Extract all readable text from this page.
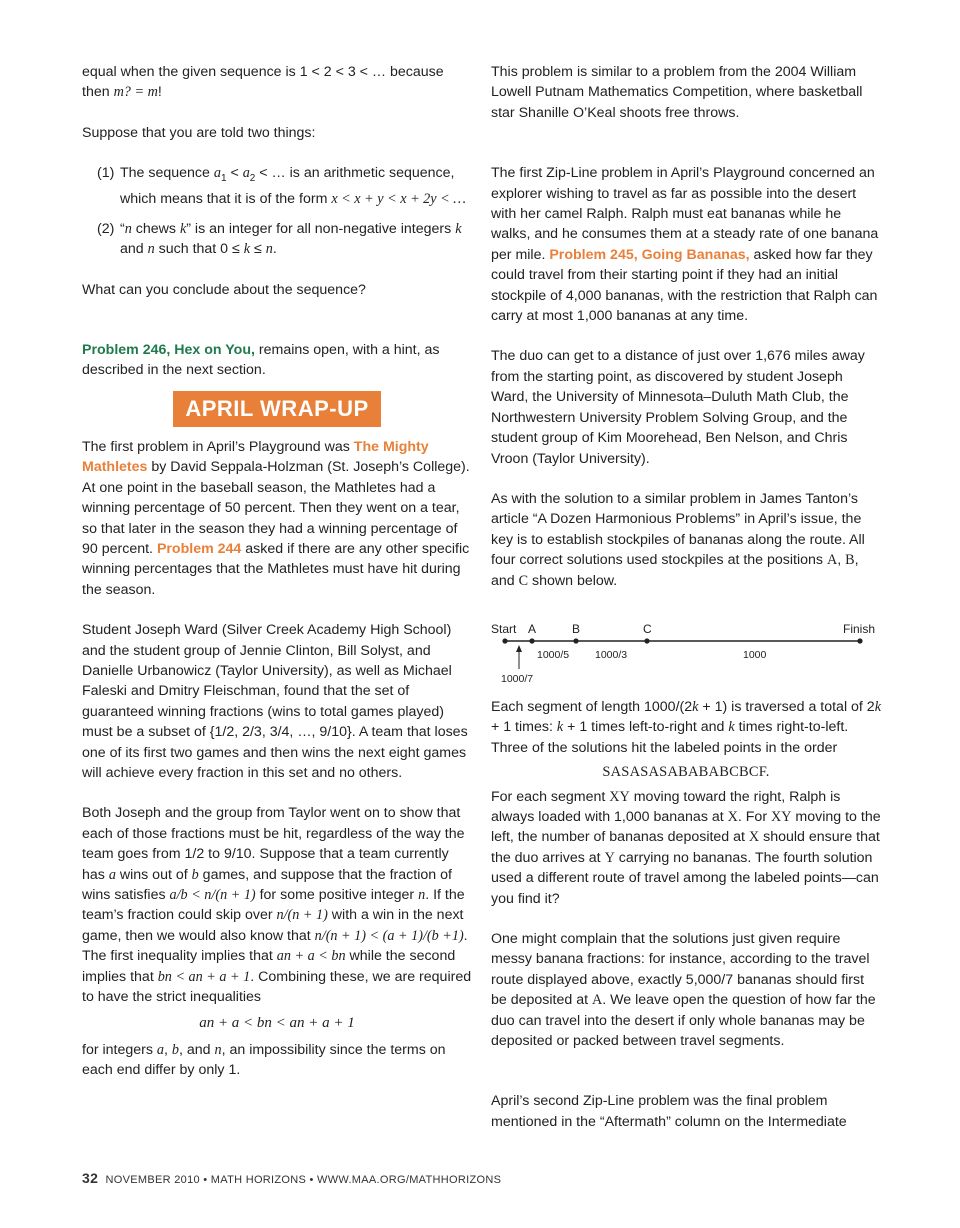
equal when the given sequence is 1 < 2 < 3 < … because
then m? = m!

Suppose that you are told two things:

(1) The sequence $a_1 < a_2$ < … is an arithmetic sequence,
which means that it is of the form x < x + y < x + 2y < …
(2) “n chews k” is an integer for all non-negative integers k
and n such that 0 ≤ k ≤ n.

What can you conclude about the sequence?

Problem 246, Hex on You, remains open, with a hint, as described in the next section.

APRIL WRAP-UP

The first problem in April’s Playground was The Mighty Mathletes by David Seppala-Holzman (St. Joseph’s College). At one point in the baseball season, the Mathletes had a winning percentage of 50 percent. Then they went on a tear, so that later in the season they had a winning percentage of 90 percent. Problem 244 asked if there are any other specific winning percentages that the Mathletes must have hit during the season.

Student Joseph Ward (Silver Creek Academy High School) and the student group of Jennie Clinton, Bill Solyst, and Danielle Urbanowicz (Taylor University), as well as Michael Faleski and Dmitry Fleischman, found that the set of guaranteed winning fractions (wins to total games played) must be a subset of {1/2, 2/3, 3/4, …, 9/10}. A team that loses one of its first two games and then wins the next eight games will achieve every fraction in this set and no others.

Both Joseph and the group from Taylor went on to show that each of those fractions must be hit, regardless of the way the team goes from 1/2 to 9/10. Suppose that a team currently has a wins out of b games, and suppose that the fraction of wins satisfies a/b < n/(n + 1) for some positive integer n. If the team’s fraction could skip over n/(n + 1) with a win in the next game, then we would also know that n/(n + 1) < (a + 1)/(b +1). The first inequality implies that an + a < bn while the second implies that bn < an + a + 1. Combining these, we are required to have the strict inequalities

an + a < bn < an + a + 1

for integers a, b, and n, an impossibility since the terms on each end differ by only 1.

This problem is similar to a problem from the 2004 William Lowell Putnam Mathematics Competition, where basketball star Shanille O’Keal shoots free throws.

The first Zip-Line problem in April’s Playground concerned an explorer wishing to travel as far as possible into the desert with her camel Ralph. Ralph must eat bananas while he walks, and he consumes them at a steady rate of one banana per mile. Problem 245, Going Bananas, asked how far they could travel from their starting point if they had an initial stockpile of 4,000 bananas, with the restriction that Ralph can carry at most 1,000 bananas at any time.

The duo can get to a distance of just over 1,676 miles away from the starting point, as discovered by student Joseph Ward, the University of Minnesota–Duluth Math Club, the Northwestern University Problem Solving Group, and the student group of Kim Moorehead, Ben Nelson, and Chris Vroon (Taylor University).

As with the solution to a similar problem in James Tanton’s article “A Dozen Harmonious Problems” in April’s issue, the key is to establish stockpiles of bananas along the route. All four correct solutions used stockpiles at the positions A, B, and C shown below.

Start A	B	C	Finish
1000/5 1000/3	1000
1000/7

Each segment of length 1000/(2k + 1) is traversed a total of 2k + 1 times: k + 1 times left-to-right and k times right-to-left. Three of the solutions hit the labeled points in the order

SASASASABABABCBCF.

For each segment XY moving toward the right, Ralph is always loaded with 1,000 bananas at X. For XY moving to the left, the number of bananas deposited at X should ensure that the duo arrives at Y carrying no bananas. The fourth solution used a different route of travel among the labeled points—can you find it?

One might complain that the solutions just given require messy banana fractions: for instance, according to the travel route displayed above, exactly 5,000/7 bananas should first be deposited at A. We leave open the question of how far the duo can travel into the desert if only whole bananas may be deposited or packed between travel segments.

April’s second Zip-Line problem was the final problem mentioned in the “Aftermath” column on the Intermediate

32 NOVEMBER 2010 • MATH HORIZONS • WWW.MAA.ORG/MATHHORIZONS
